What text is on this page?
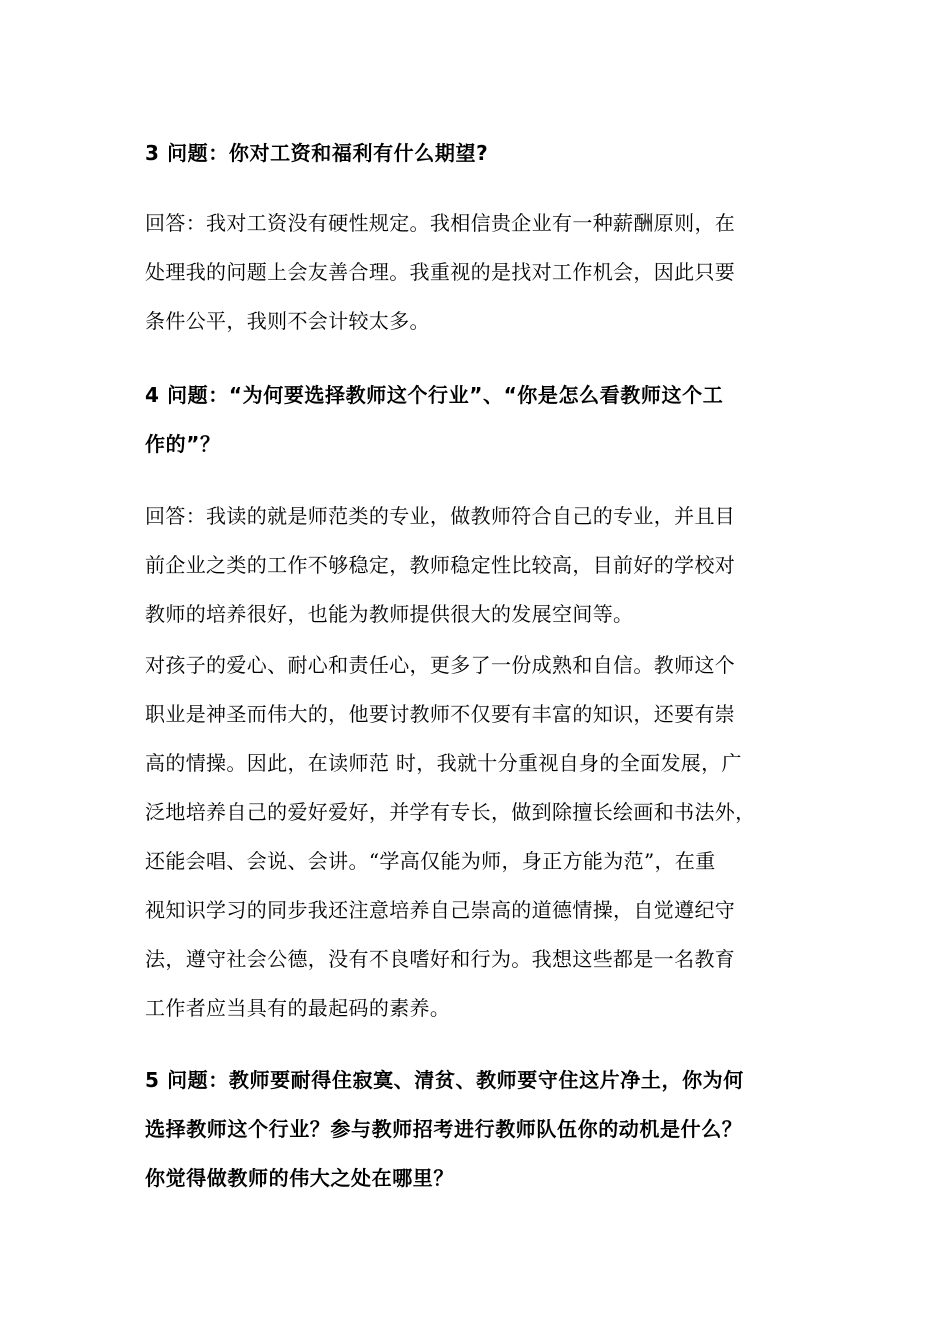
3 问题：你对工资和福利有什么期望?
回答：我对工资没有硬性规定。我相信贵企业有一种薪酬原则，在
处理我的问题上会友善合理。我重视的是找对工作机会，因此只要
条件公平，我则不会计较太多。
4 问题：“为何要选择教师这个行业”、“你是怎么看教师这个工
作的”？
回答：我读的就是师范类的专业，做教师符合自己的专业，并且目
前企业之类的工作不够稳定，教师稳定性比较高，目前好的学校对
教师的培养很好，也能为教师提供很大的发展空间等。
对孩子的爱心、耐心和责任心，更多了一份成熟和自信。教师这个
职业是神圣而伟大的，他要讨教师不仅要有丰富的知识，还要有崇
高的情操。因此，在读师范 时，我就十分重视自身的全面发展，广
泛地培养自己的爱好爱好，并学有专长，做到除擅长绘画和书法外，
还能会唱、会说、会讲。“学高仅能为师，身正方能为范”，在重
视知识学习的同步我还注意培养自己崇高的道德情操，自觉遵纪守
法，遵守社会公德，没有不良嗜好和行为。我想这些都是一名教育
工作者应当具有的最起码的素养。
5 问题：教师要耐得住寂寞、清贫、教师要守住这片净土，你为何
选择教师这个行业？参与教师招考进行教师队伍你的动机是什么？
你觉得做教师的伟大之处在哪里？
